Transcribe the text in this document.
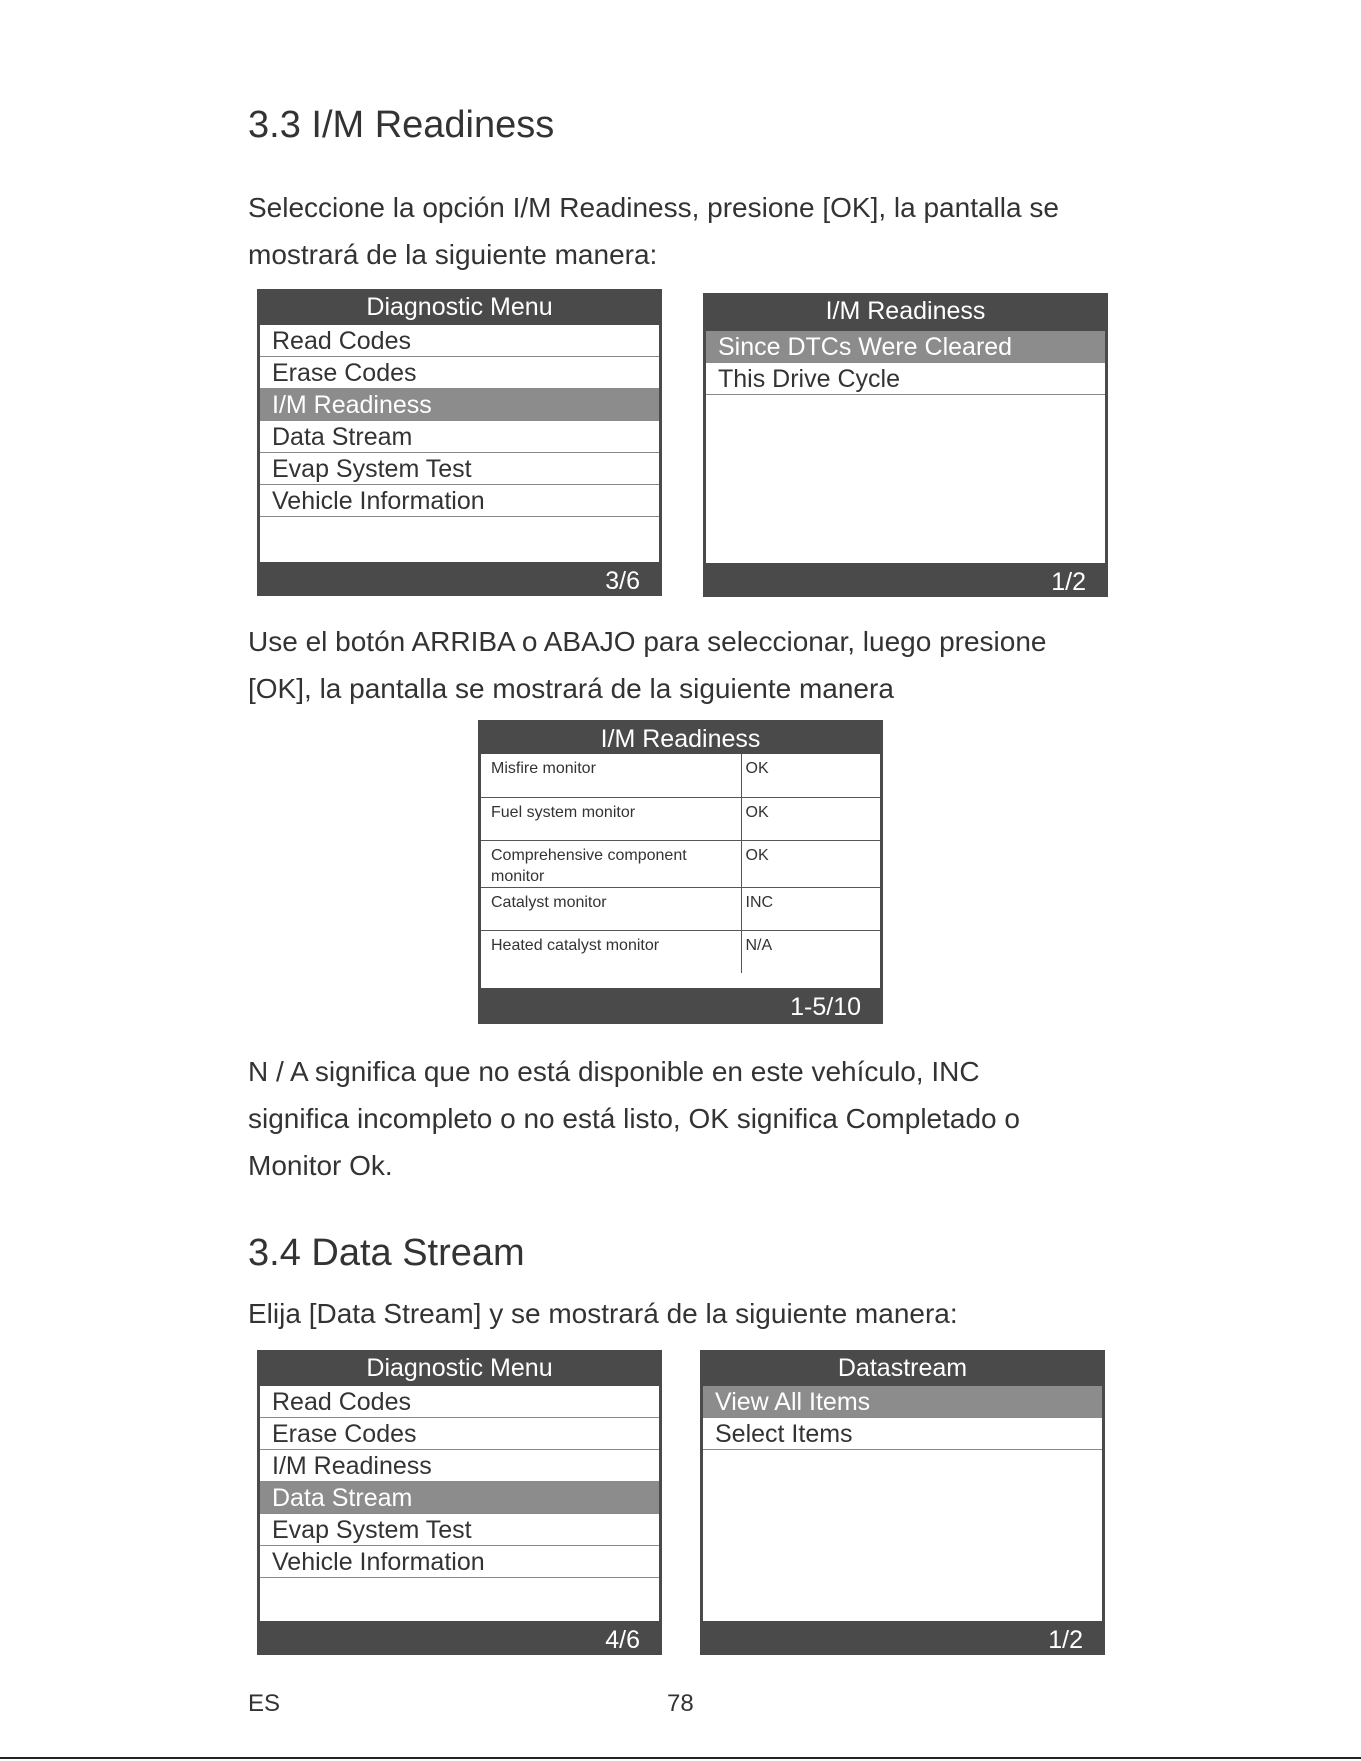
3.3 I/M Readiness
Seleccione la opción I/M Readiness, presione [OK], la pantalla se
mostrará de la siguiente manera:
Diagnostic Menu
Read Codes
Erase Codes
I/M Readiness
Data Stream
Evap System Test
Vehicle Information
3/6
I/M Readiness
Since DTCs Were Cleared
This Drive Cycle
1/2
Use el botón ARRIBA o ABAJO para seleccionar, luego presione
[OK], la pantalla se mostrará de la siguiente manera
I/M Readiness
Misfire monitor	OK
Fuel system monitor	OK
Comprehensive component monitor	OK
Catalyst monitor	INC
Heated catalyst monitor	N/A
1-5/10
N / A significa que no está disponible en este vehículo, INC
significa incompleto o no está listo, OK significa Completado o
Monitor Ok.
3.4 Data Stream
Elija [Data Stream] y se mostrará de la siguiente manera:
Diagnostic Menu
Read Codes
Erase Codes
I/M Readiness
Data Stream
Evap System Test
Vehicle Information
4/6
Datastream
View All Items
Select Items
1/2
ES	78
